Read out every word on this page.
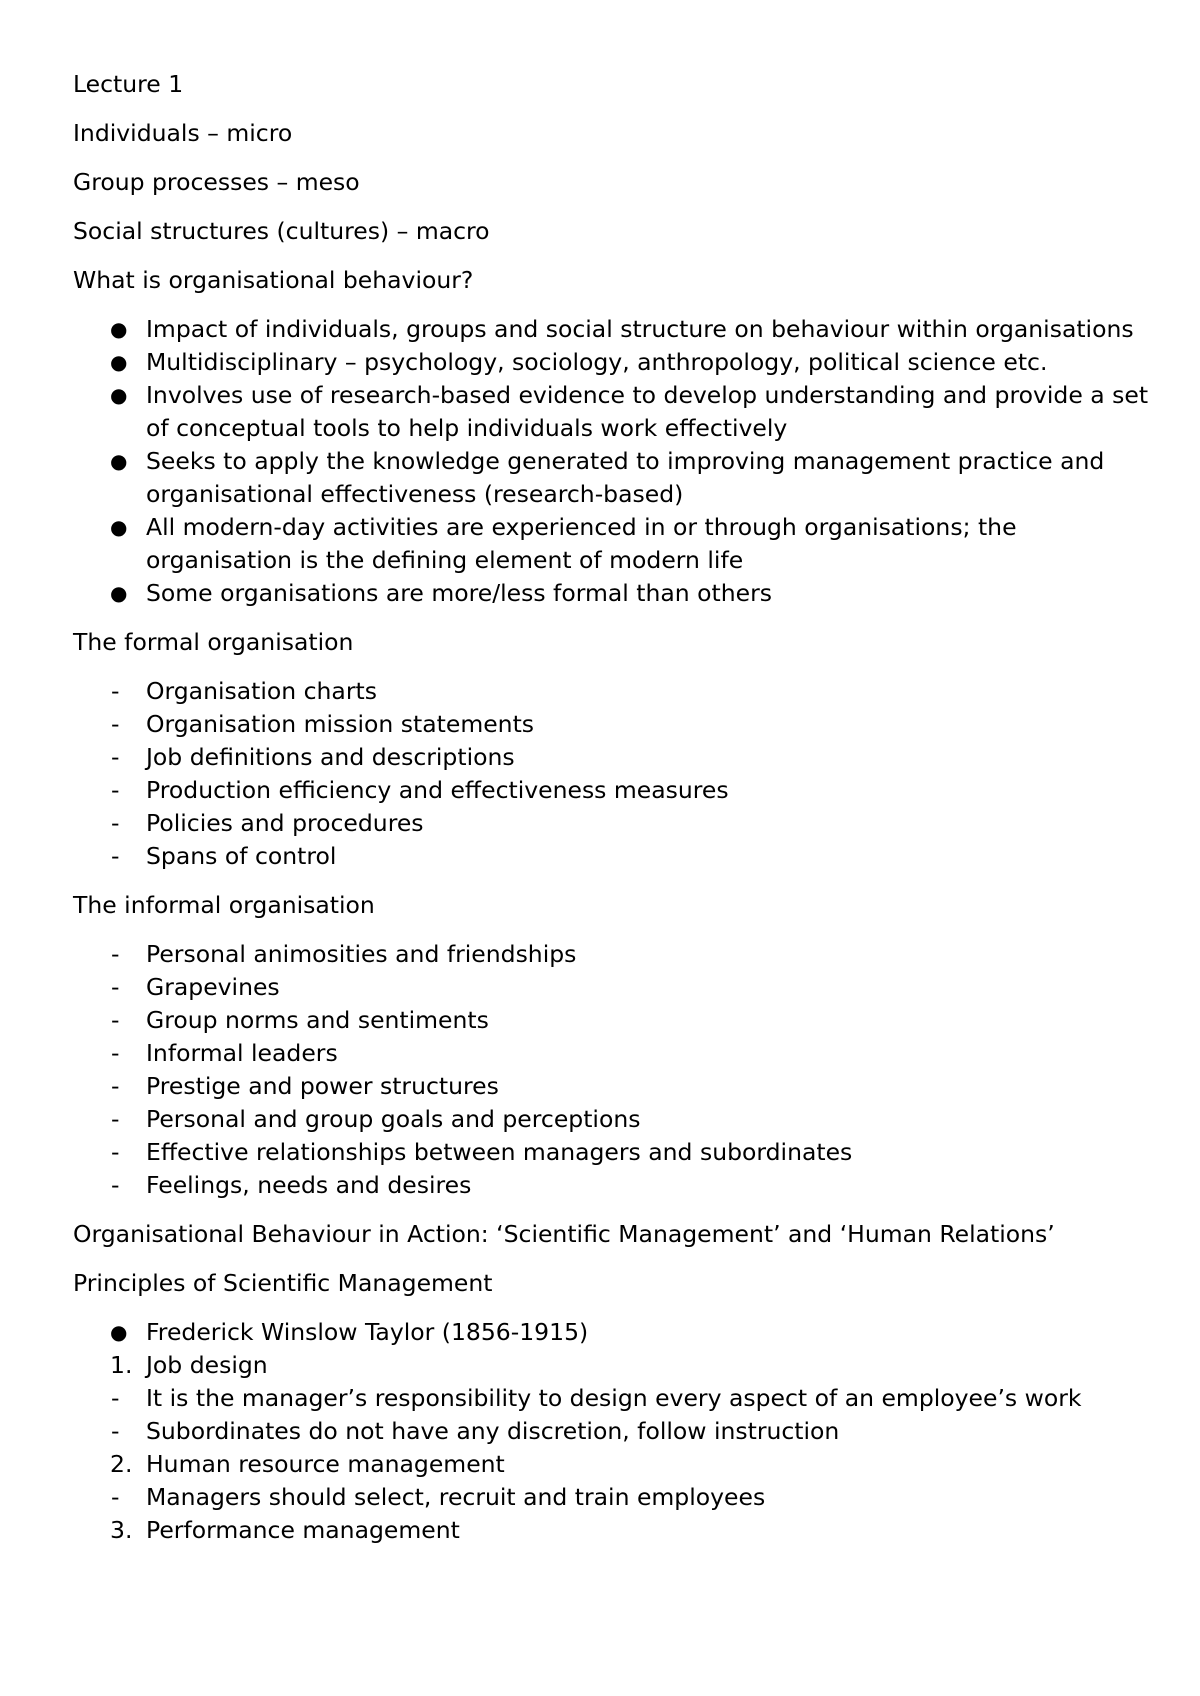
Lecture 1

Individuals – micro

Group processes – meso

Social structures (cultures) – macro

What is organisational behaviour?

● Impact of individuals, groups and social structure on behaviour within organisations
● Multidisciplinary – psychology, sociology, anthropology, political science etc.
● Involves use of research-based evidence to develop understanding and provide a set of conceptual tools to help individuals work effectively
● Seeks to apply the knowledge generated to improving management practice and organisational effectiveness (research-based)
● All modern-day activities are experienced in or through organisations; the organisation is the defining element of modern life
● Some organisations are more/less formal than others

The formal organisation

- Organisation charts
- Organisation mission statements
- Job definitions and descriptions
- Production efficiency and effectiveness measures
- Policies and procedures
- Spans of control

The informal organisation

- Personal animosities and friendships
- Grapevines
- Group norms and sentiments
- Informal leaders
- Prestige and power structures
- Personal and group goals and perceptions
- Effective relationships between managers and subordinates
- Feelings, needs and desires

Organisational Behaviour in Action: ‘Scientific Management’ and ‘Human Relations’

Principles of Scientific Management

● Frederick Winslow Taylor (1856-1915)
1. Job design
- It is the manager’s responsibility to design every aspect of an employee’s work
- Subordinates do not have any discretion, follow instruction
2. Human resource management
- Managers should select, recruit and train employees
3. Performance management
